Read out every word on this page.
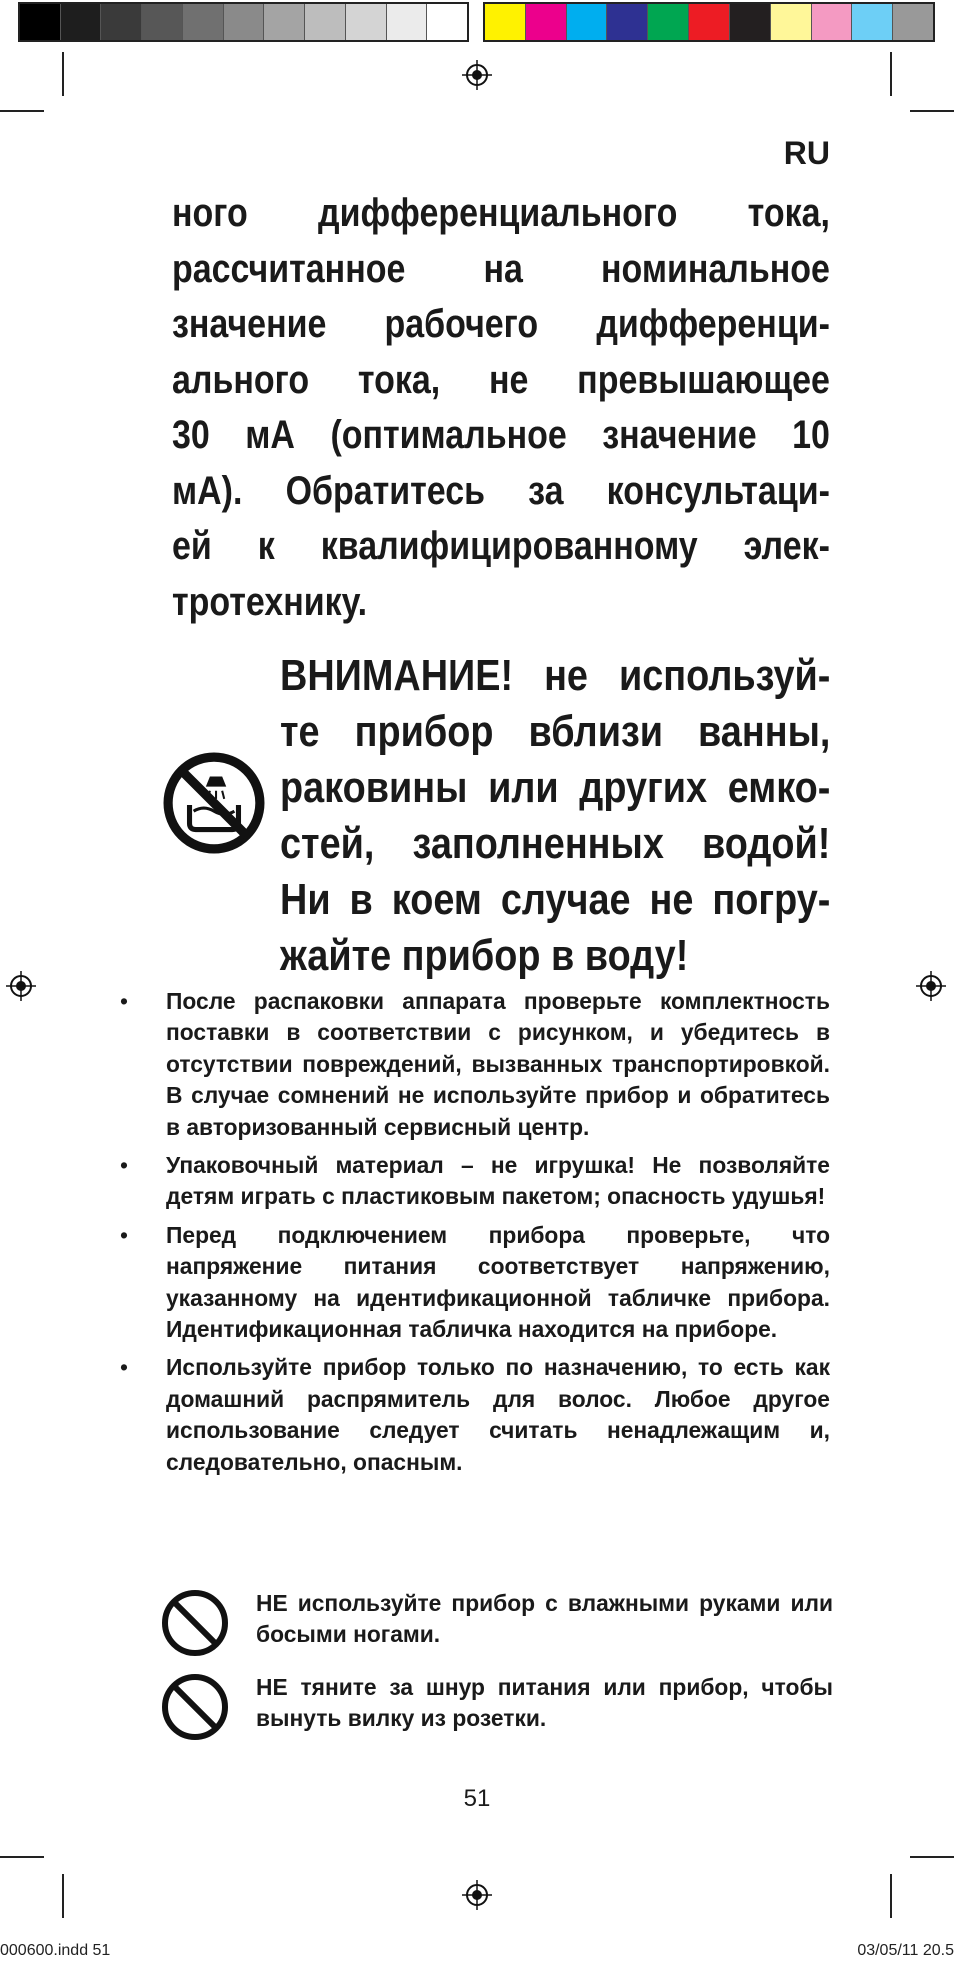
RU
ного дифференциального тока,
рассчитанное на номинальное
значение рабочего дифференци-
ального тока, не превышающее
30 мА (оптимальное значение 10
мА). Обратитесь за консультаци-
ей к квалифицированному элек-
тротехнику.
ВНИМАНИЕ! не используй-
те прибор вблизи ванны,
раковины или других емко-
стей, заполненных водой!
Ни в коем случае не погру-
жайте прибор в воду!
•	После распаковки аппарата проверьте комплектность поставки в соответствии с рисунком, и убедитесь в отсутствии повреждений, вызванных транспортировкой. В случае сомнений не используйте прибор и обратитесь в авторизованный сервисный центр.
•	Упаковочный материал – не игрушка! Не позволяйте детям играть с пластиковым пакетом; опасность удушья!
•	Перед подключением прибора проверьте, что напряжение питания соответствует напряжению, указанному на идентификационной табличке прибора. Идентификационная табличка находится на приборе.
•	Используйте прибор только по назначению, то есть как домашний распрямитель для волос. Любое другое использование следует считать ненадлежащим и, следовательно, опасным.
НЕ используйте прибор с влажными руками или босыми ногами.
НЕ тяните за шнур питания или прибор, чтобы вынуть вилку из розетки.
51
000600.indd 51	03/05/11 20.5
